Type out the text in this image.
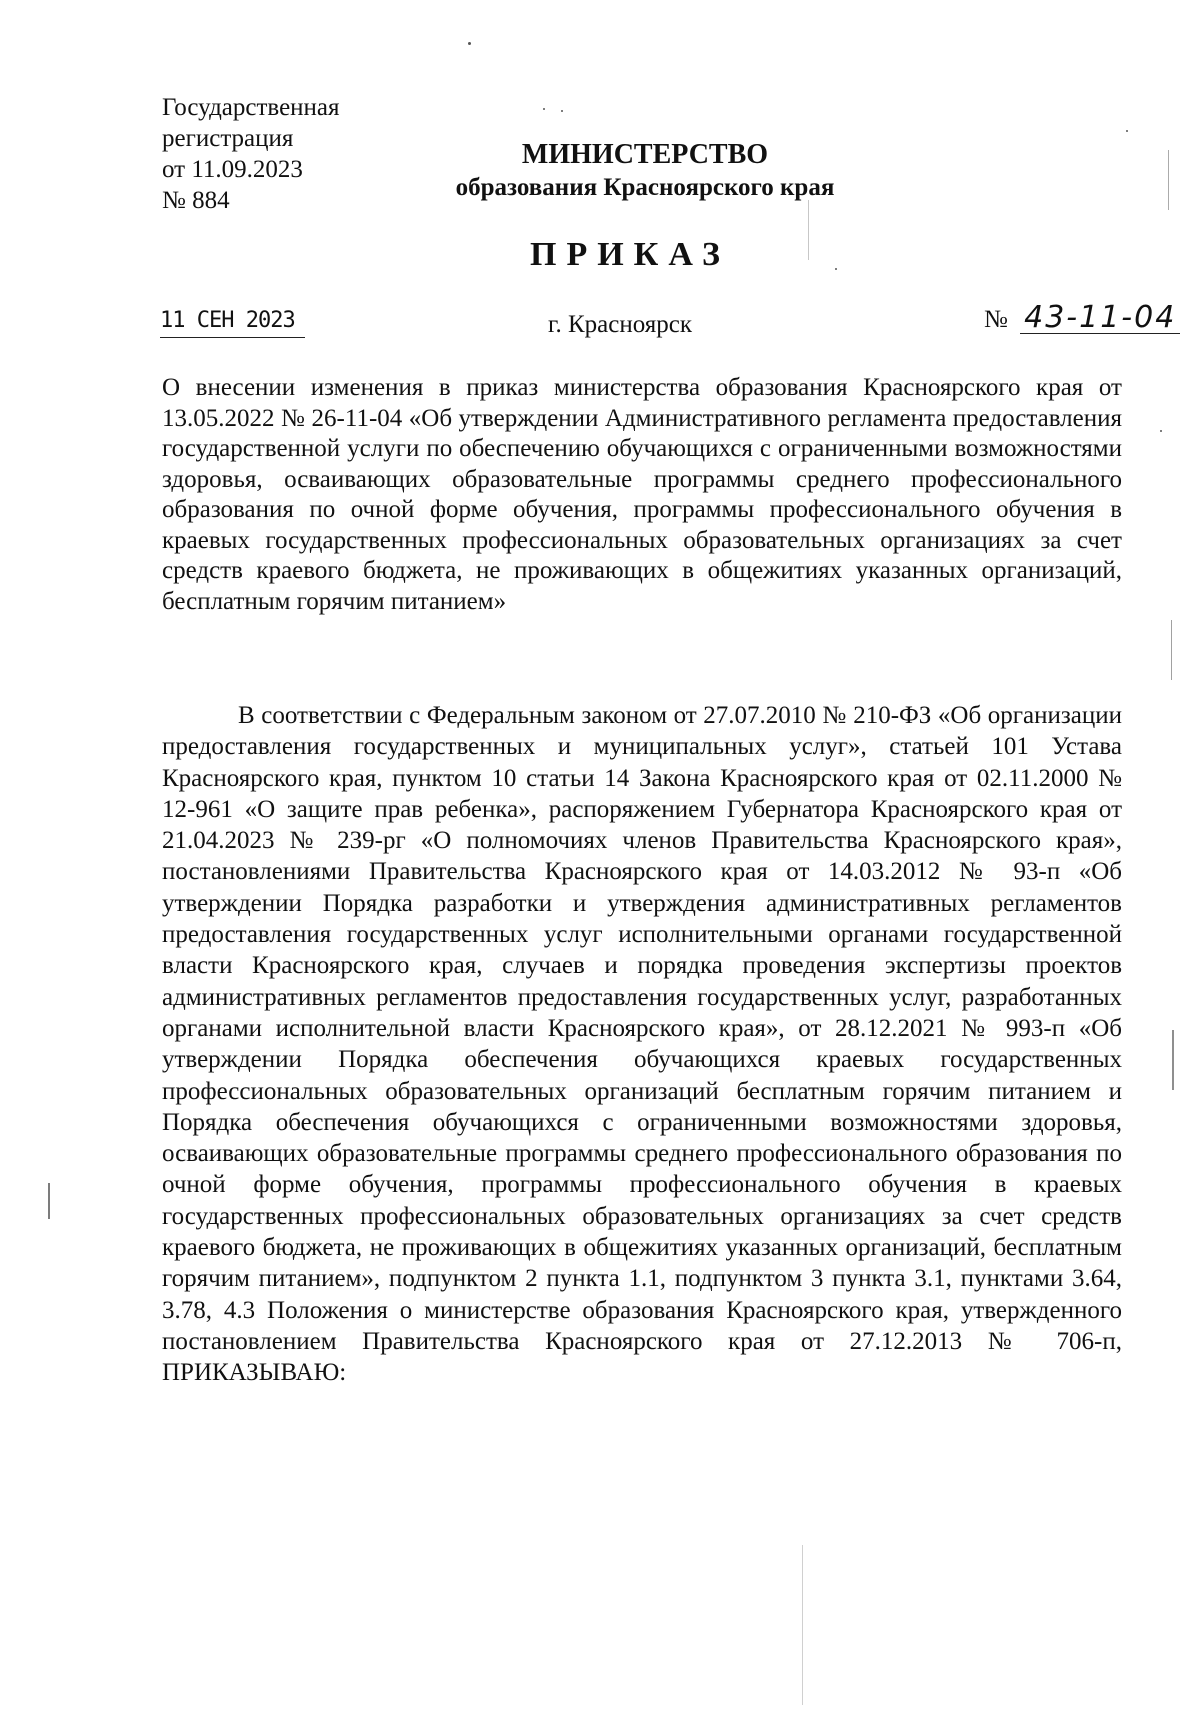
Государственная
регистрация
от 11.09.2023
№ 884
МИНИСТЕРСТВО
образования Красноярского края
ПРИКАЗ
11 СЕН 2023	г. Красноярск	№ 43-11-04
О внесении изменения в приказ министерства образования Красноярского края от 13.05.2022 № 26-11-04 «Об утверждении Административного регламента предоставления государственной услуги по обеспечению обучающихся с ограниченными возможностями здоровья, осваивающих образовательные программы среднего профессионального образования по очной форме обучения, программы профессионального обучения в краевых государственных профессиональных образовательных организациях за счет средств краевого бюджета, не проживающих в общежитиях указанных организаций, бесплатным горячим питанием»
В соответствии с Федеральным законом от 27.07.2010 № 210-ФЗ «Об организации предоставления государственных и муниципальных услуг», статьей 101 Устава Красноярского края, пунктом 10 статьи 14 Закона Красноярского края от 02.11.2000 № 12-961 «О защите прав ребенка», распоряжением Губернатора Красноярского края от 21.04.2023 № 239-рг «О полномочиях членов Правительства Красноярского края», постановлениями Правительства Красноярского края от 14.03.2012 № 93-п «Об утверждении Порядка разработки и утверждения административных регламентов предоставления государственных услуг исполнительными органами государственной власти Красноярского края, случаев и порядка проведения экспертизы проектов административных регламентов предоставления государственных услуг, разработанных органами исполнительной власти Красноярского края», от 28.12.2021 № 993-п «Об утверждении Порядка обеспечения обучающихся краевых государственных профессиональных образовательных организаций бесплатным горячим питанием и Порядка обеспечения обучающихся с ограниченными возможностями здоровья, осваивающих образовательные программы среднего профессионального образования по очной форме обучения, программы профессионального обучения в краевых государственных профессиональных образовательных организациях за счет средств краевого бюджета, не проживающих в общежитиях указанных организаций, бесплатным горячим питанием», подпунктом 2 пункта 1.1, подпунктом 3 пункта 3.1, пунктами 3.64, 3.78, 4.3 Положения о министерстве образования Красноярского края, утвержденного постановлением Правительства Красноярского края от 27.12.2013 № 706-п, ПРИКАЗЫВАЮ:
